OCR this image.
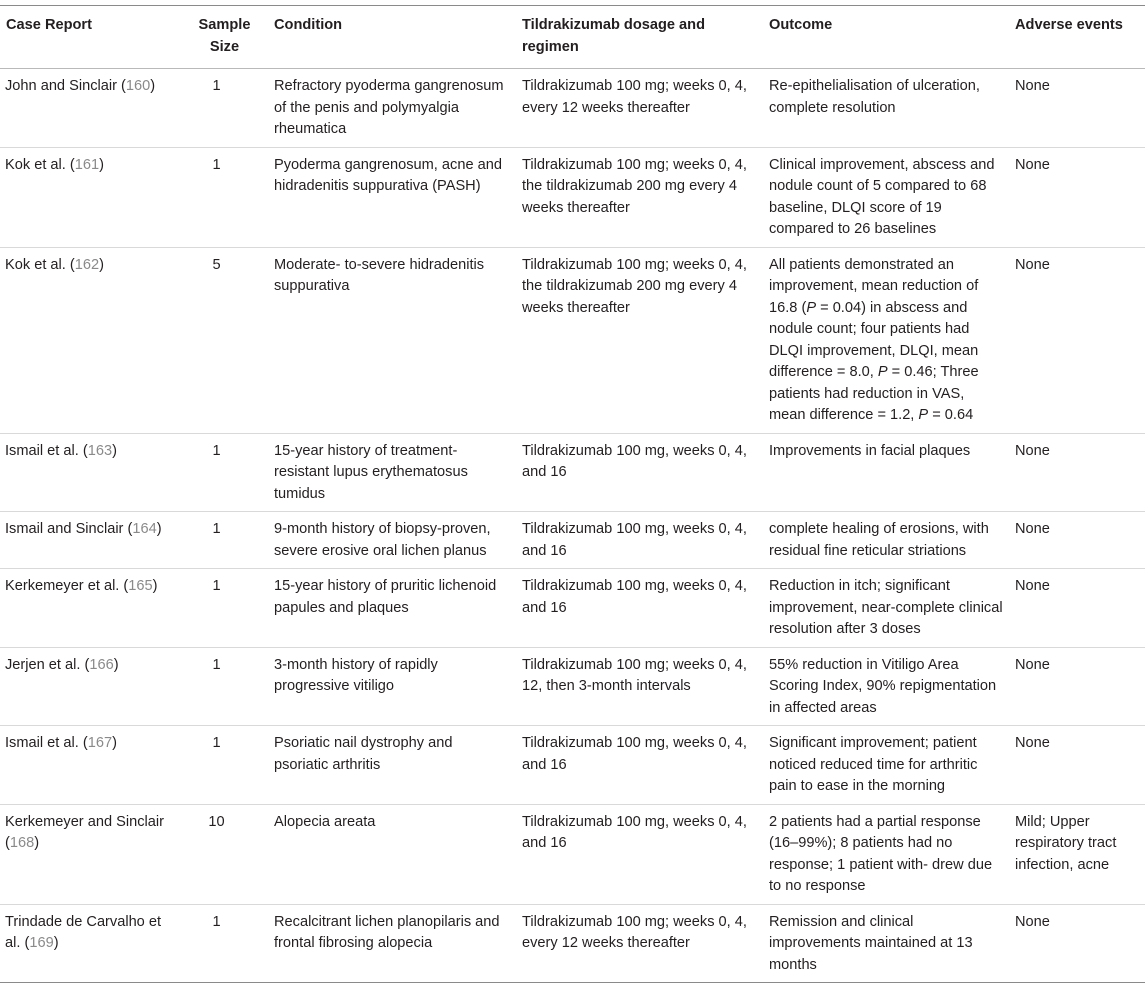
Case Report	Sample Size	Condition	Tildrakizumab dosage and regimen	Outcome	Adverse events
John and Sinclair (160)	1	Refractory pyoderma gangrenosum of the penis and polymyalgia rheumatica	Tildrakizumab 100 mg; weeks 0, 4, every 12 weeks thereafter	Re-epithelialisation of ulceration, complete resolution	None
Kok et al. (161)	1	Pyoderma gangrenosum, acne and hidradenitis suppurativa (PASH)	Tildrakizumab 100 mg; weeks 0, 4, the tildrakizumab 200 mg every 4 weeks thereafter	Clinical improvement, abscess and nodule count of 5 compared to 68 baseline, DLQI score of 19 compared to 26 baselines	None
Kok et al. (162)	5	Moderate- to-severe hidradenitis suppurativa	Tildrakizumab 100 mg; weeks 0, 4, the tildrakizumab 200 mg every 4 weeks thereafter	All patients demonstrated an improvement, mean reduction of 16.8 (P = 0.04) in abscess and nodule count; four patients had DLQI improvement, DLQI, mean difference = 8.0, P = 0.46; Three patients had reduction in VAS, mean difference = 1.2, P = 0.64	None
Ismail et al. (163)	1	15-year history of treatment-resistant lupus erythematosus tumidus	Tildrakizumab 100 mg, weeks 0, 4, and 16	Improvements in facial plaques	None
Ismail and Sinclair (164)	1	9-month history of biopsy-proven, severe erosive oral lichen planus	Tildrakizumab 100 mg, weeks 0, 4, and 16	complete healing of erosions, with residual fine reticular striations	None
Kerkemeyer et al. (165)	1	15-year history of pruritic lichenoid papules and plaques	Tildrakizumab 100 mg, weeks 0, 4, and 16	Reduction in itch; significant improvement, near-complete clinical resolution after 3 doses	None
Jerjen et al. (166)	1	3-month history of rapidly progressive vitiligo	Tildrakizumab 100 mg; weeks 0, 4, 12, then 3-month intervals	55% reduction in Vitiligo Area Scoring Index, 90% repigmentation in affected areas	None
Ismail et al. (167)	1	Psoriatic nail dystrophy and psoriatic arthritis	Tildrakizumab 100 mg, weeks 0, 4, and 16	Significant improvement; patient noticed reduced time for arthritic pain to ease in the morning	None
Kerkemeyer and Sinclair (168)	10	Alopecia areata	Tildrakizumab 100 mg, weeks 0, 4, and 16	2 patients had a partial response (16–99%); 8 patients had no response; 1 patient with- drew due to no response	Mild; Upper respiratory tract infection, acne
Trindade de Carvalho et al. (169)	1	Recalcitrant lichen planopilaris and frontal fibrosing alopecia	Tildrakizumab 100 mg; weeks 0, 4, every 12 weeks thereafter	Remission and clinical improvements maintained at 13 months	None
